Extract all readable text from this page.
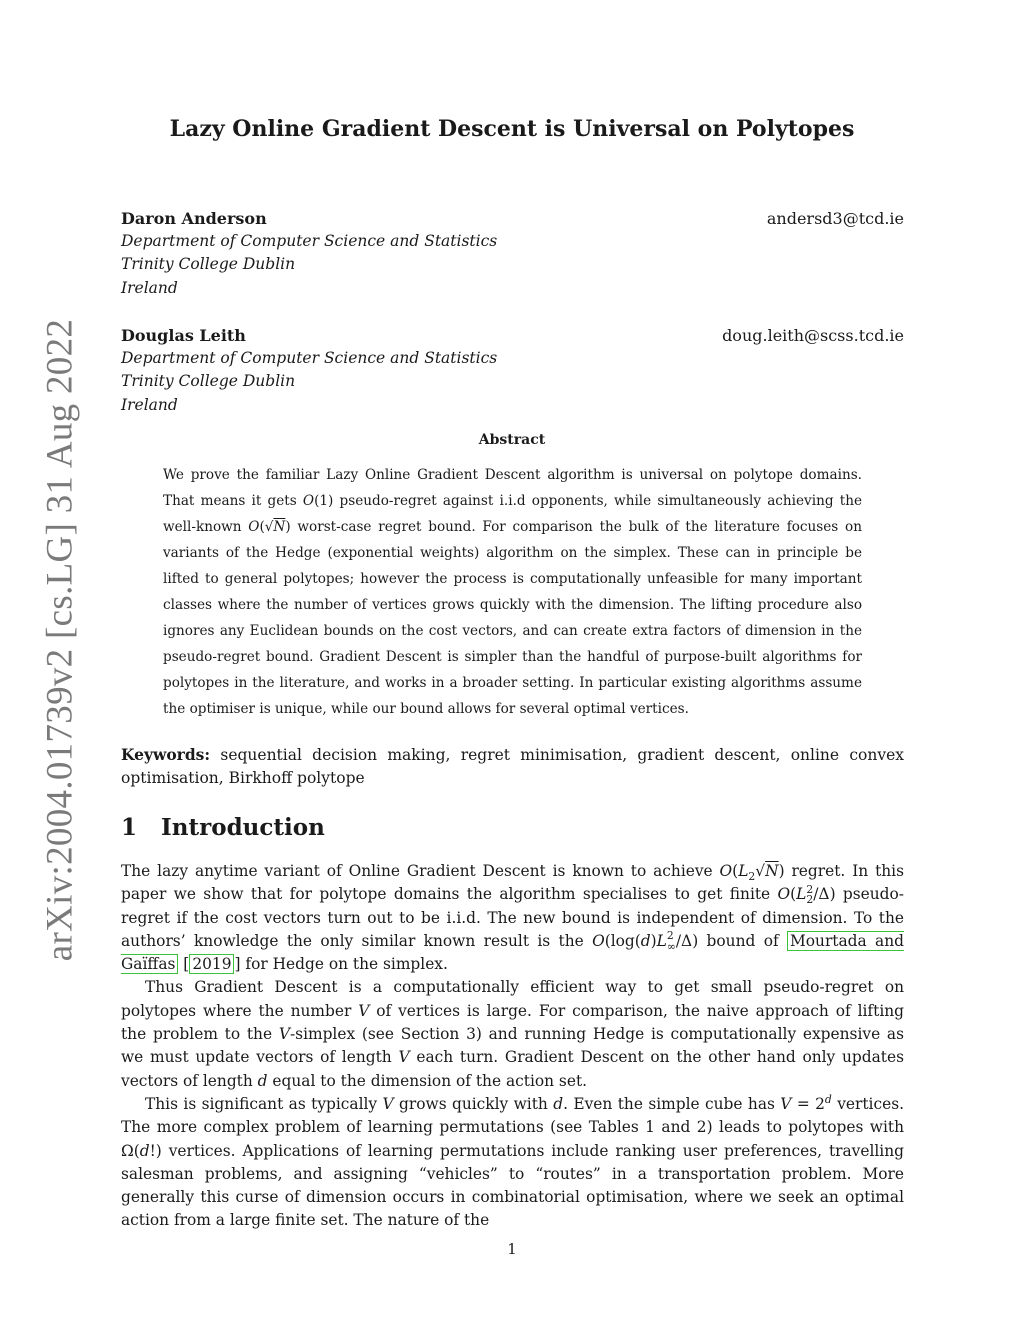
arXiv:2004.01739v2 [cs.LG] 31 Aug 2022
Lazy Online Gradient Descent is Universal on Polytopes
Daron Anderson	andersd3@tcd.ie
Department of Computer Science and Statistics
Trinity College Dublin
Ireland
Douglas Leith	doug.leith@scss.tcd.ie
Department of Computer Science and Statistics
Trinity College Dublin
Ireland
Abstract
We prove the familiar Lazy Online Gradient Descent algorithm is universal on polytope domains. That means it gets O(1) pseudo-regret against i.i.d opponents, while simultaneously achieving the well-known O(√N) worst-case regret bound. For comparison the bulk of the literature focuses on variants of the Hedge (exponential weights) algorithm on the simplex. These can in principle be lifted to general polytopes; however the process is computationally unfeasible for many important classes where the number of vertices grows quickly with the dimension. The lifting procedure also ignores any Euclidean bounds on the cost vectors, and can create extra factors of dimension in the pseudo-regret bound. Gradient Descent is simpler than the handful of purpose-built algorithms for polytopes in the literature, and works in a broader setting. In particular existing algorithms assume the optimiser is unique, while our bound allows for several optimal vertices.
Keywords: sequential decision making, regret minimisation, gradient descent, online convex optimisation, Birkhoff polytope
1 Introduction

The lazy anytime variant of Online Gradient Descent is known to achieve $O(L_2√N)$ regret. In this paper we show that for polytope domains the algorithm specialises to get finite O(L2
2/Δ) pseudo-regret if the cost vectors turn out to be i.i.d. The new bound is independent of dimension. To the authors’ knowledge the only similar known result is the O(log(d)L2
∞/Δ) bound of Mourtada and Gaïffas [ 2019 ] for Hedge on the simplex.

Thus Gradient Descent is a computationally efficient way to get small pseudo-regret on polytopes where the number V of vertices is large. For comparison, the naive approach of lifting the problem to the V-simplex (see Section 3) and running Hedge is computationally expensive as we must update vectors of length V each turn. Gradient Descent on the other hand only updates vectors of length d equal to the dimension of the action set.

This is significant as typically V grows quickly with d. Even the simple cube has $V = 2^d$ vertices. The more complex problem of learning permutations (see Tables 1 and 2) leads to polytopes with Ω(d!) vertices. Applications of learning permutations include ranking user preferences, travelling salesman problems, and assigning “vehicles” to “routes” in a transportation problem. More generally this curse of dimension occurs in combinatorial optimisation, where we seek an optimal action from a large finite set. The nature of the

1
